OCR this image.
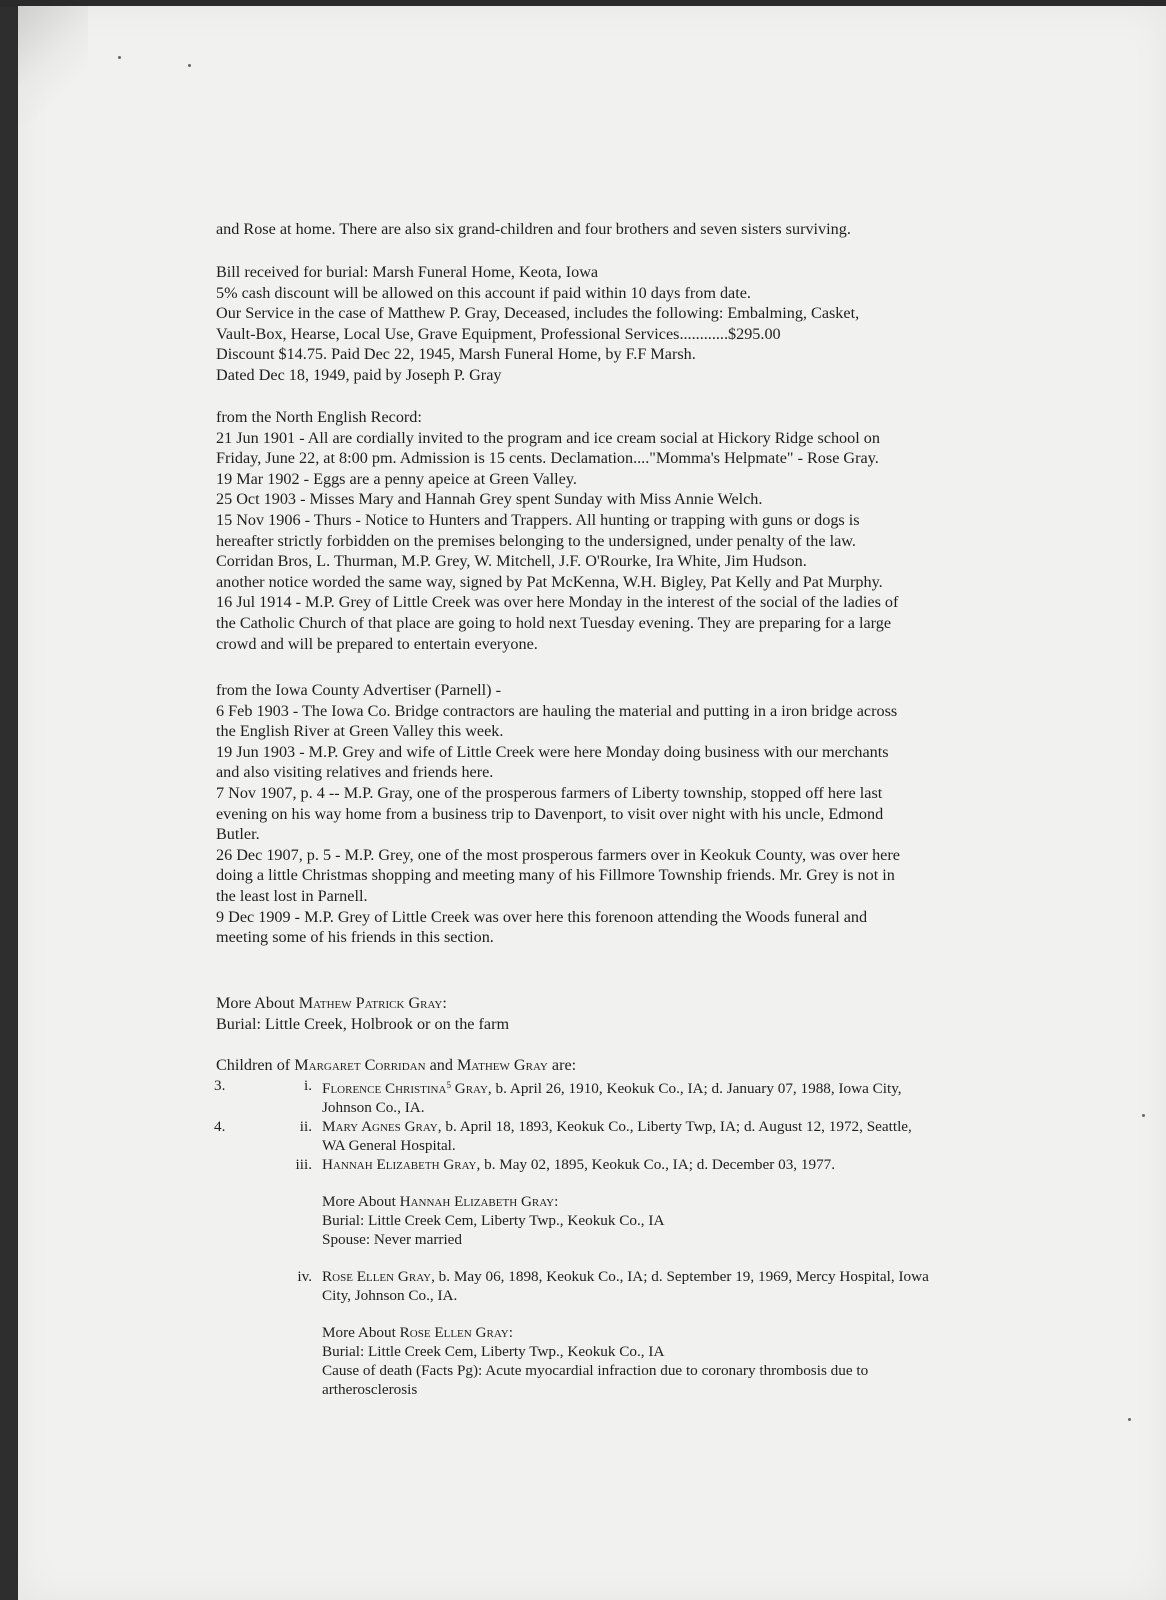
and Rose at home. There are also six grand-children and four brothers and seven sisters surviving.

Bill received for burial: Marsh Funeral Home, Keota, Iowa

5% cash discount will be allowed on this account if paid within 10 days from date.

Our Service in the case of Matthew P. Gray, Deceased, includes the following: Embalming, Casket,

Vault-Box, Hearse, Local Use, Grave Equipment, Professional Services............$295.00

Discount $14.75. Paid Dec 22, 1945, Marsh Funeral Home, by F.F Marsh.

Dated Dec 18, 1949, paid by Joseph P. Gray

from the North English Record:

21 Jun 1901 - All are cordially invited to the program and ice cream social at Hickory Ridge school on

Friday, June 22, at 8:00 pm. Admission is 15 cents. Declamation...."Momma's Helpmate" - Rose Gray.

19 Mar 1902 - Eggs are a penny apeice at Green Valley.

25 Oct 1903 - Misses Mary and Hannah Grey spent Sunday with Miss Annie Welch.

15 Nov 1906 - Thurs - Notice to Hunters and Trappers. All hunting or trapping with guns or dogs is

hereafter strictly forbidden on the premises belonging to the undersigned, under penalty of the law.

Corridan Bros, L. Thurman, M.P. Grey, W. Mitchell, J.F. O'Rourke, Ira White, Jim Hudson.

another notice worded the same way, signed by Pat McKenna, W.H. Bigley, Pat Kelly and Pat Murphy.

16 Jul 1914 - M.P. Grey of Little Creek was over here Monday in the interest of the social of the ladies of

the Catholic Church of that place are going to hold next Tuesday evening. They are preparing for a large

crowd and will be prepared to entertain everyone.

from the Iowa County Advertiser (Parnell) -

6 Feb 1903 - The Iowa Co. Bridge contractors are hauling the material and putting in a iron bridge across

the English River at Green Valley this week.

19 Jun 1903 - M.P. Grey and wife of Little Creek were here Monday doing business with our merchants

and also visiting relatives and friends here.

7 Nov 1907, p. 4 -- M.P. Gray, one of the prosperous farmers of Liberty township, stopped off here last

evening on his way home from a business trip to Davenport, to visit over night with his uncle, Edmond

Butler.

26 Dec 1907, p. 5 - M.P. Grey, one of the most prosperous farmers over in Keokuk County, was over here

doing a little Christmas shopping and meeting many of his Fillmore Township friends. Mr. Grey is not in

the least lost in Parnell.

9 Dec 1909 - M.P. Grey of Little Creek was over here this forenoon attending the Woods funeral and

meeting some of his friends in this section.

More About Mathew Patrick Gray:

Burial: Little Creek, Holbrook or on the farm

Children of Margaret Corridan and Mathew Gray are:

3.	i. Florence Christina$^5$ Gray, b. April 26, 1910, Keokuk Co., IA; d. January 07, 1988, Iowa City,
Johnson Co., IA.
4.	ii. Mary Agnes Gray, b. April 18, 1893, Keokuk Co., Liberty Twp, IA; d. August 12, 1972, Seattle,
WA General Hospital.
iii. Hannah Elizabeth Gray, b. May 02, 1895, Keokuk Co., IA; d. December 03, 1977.

More About Hannah Elizabeth Gray:

Burial: Little Creek Cem, Liberty Twp., Keokuk Co., IA

Spouse: Never married

iv. Rose Ellen Gray, b. May 06, 1898, Keokuk Co., IA; d. September 19, 1969, Mercy Hospital, Iowa
City, Johnson Co., IA.

More About Rose Ellen Gray:

Burial: Little Creek Cem, Liberty Twp., Keokuk Co., IA

Cause of death (Facts Pg): Acute myocardial infraction due to coronary thrombosis due to

artherosclerosis
